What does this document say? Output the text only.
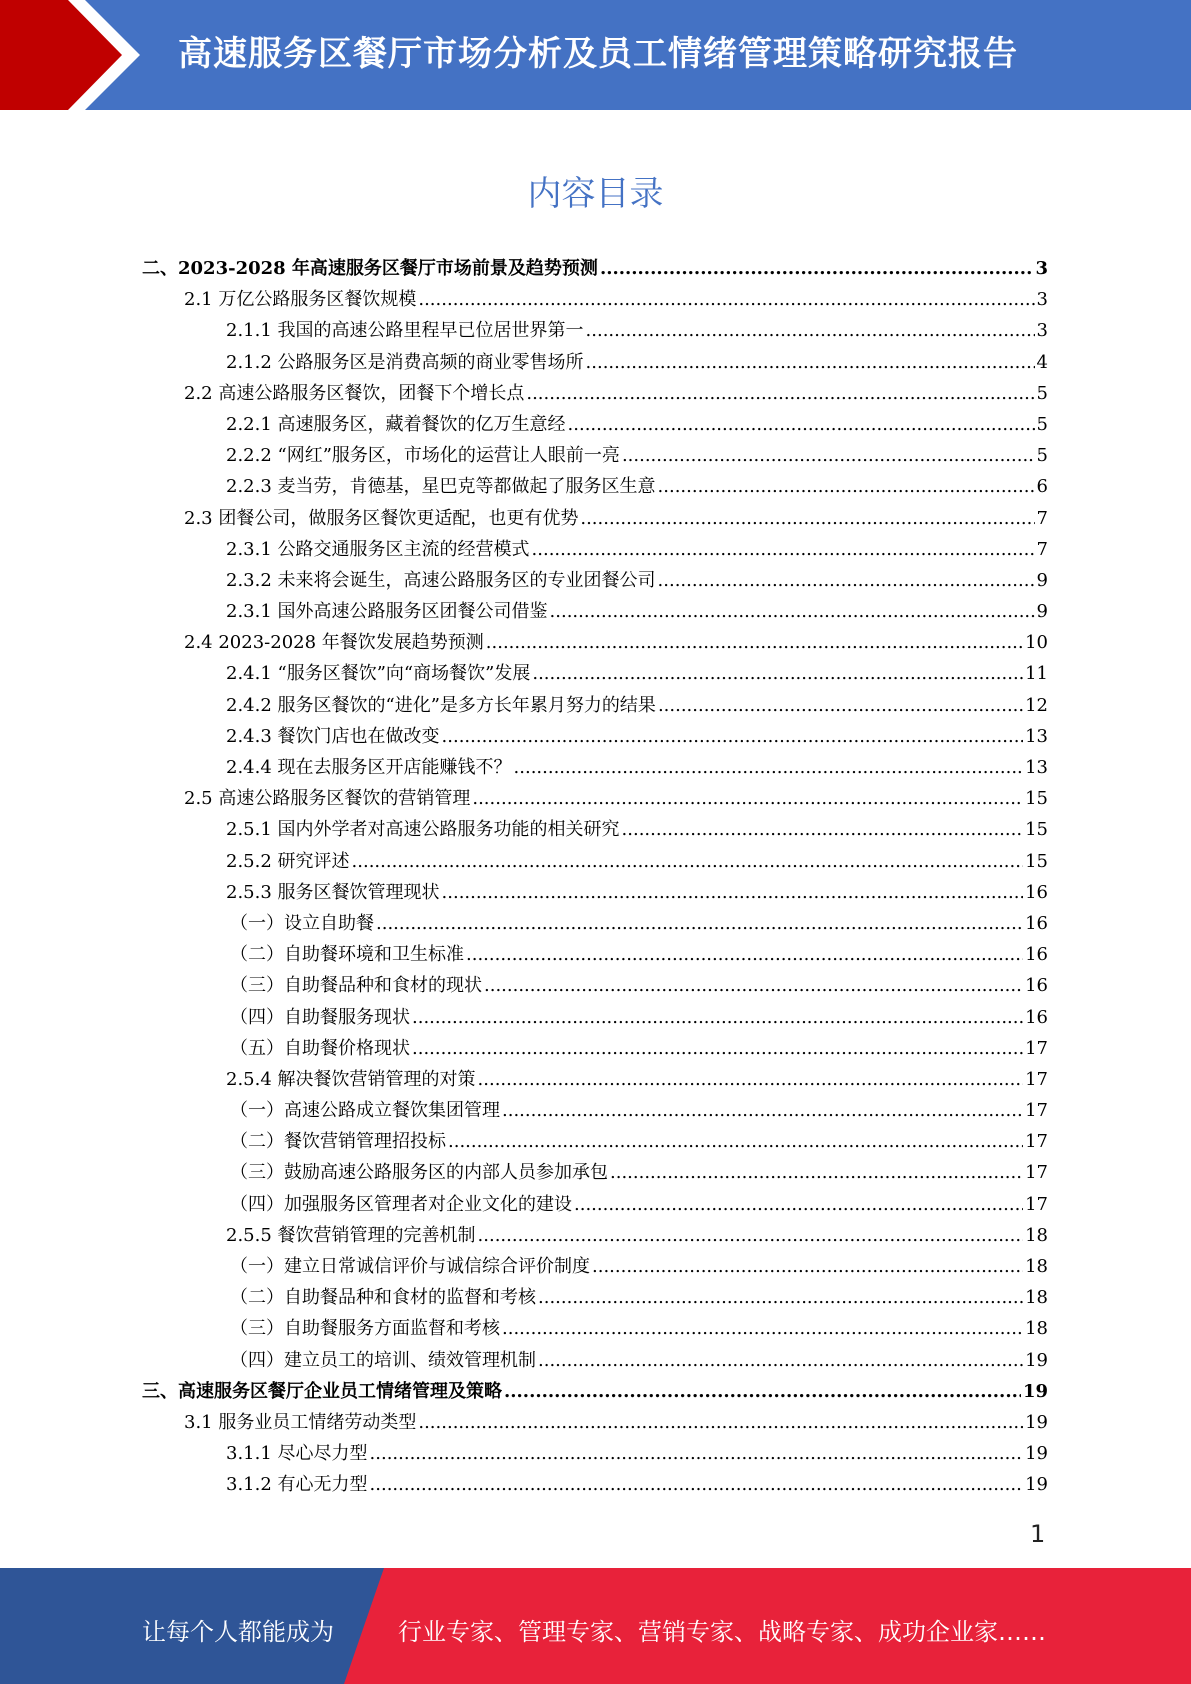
高速服务区餐厅市场分析及员工情绪管理策略研究报告
内容目录
二、2023-2028 年高速服务区餐厅市场前景及趋势预测 .....	3
2.1 万亿公路服务区餐饮规模 .....	3
2.1.1 我国的高速公路里程早已位居世界第一 .....	3
2.1.2 公路服务区是消费高频的商业零售场所 .....	4
2.2 高速公路服务区餐饮，团餐下个增长点 .....	5
2.2.1 高速服务区，藏着餐饮的亿万生意经 .....	5
2.2.2 “网红”服务区，市场化的运营让人眼前一亮 .....	5
2.2.3 麦当劳，肯德基，星巴克等都做起了服务区生意 .....	6
2.3 团餐公司，做服务区餐饮更适配，也更有优势 .....	7
2.3.1 公路交通服务区主流的经营模式 .....	7
2.3.2 未来将会诞生，高速公路服务区的专业团餐公司 .....	9
2.3.1 国外高速公路服务区团餐公司借鉴 .....	9
2.4 2023-2028 年餐饮发展趋势预测 .....	10
2.4.1 “服务区餐饮”向“商场餐饮”发展 .....	11
2.4.2 服务区餐饮的“进化”是多方长年累月努力的结果 .....	12
2.4.3 餐饮门店也在做改变 .....	13
2.4.4 现在去服务区开店能赚钱不？ .....	13
2.5 高速公路服务区餐饮的营销管理 .....	15
2.5.1 国内外学者对高速公路服务功能的相关研究 .....	15
2.5.2 研究评述 .....	15
2.5.3 服务区餐饮管理现状 .....	16
（一）设立自助餐 .....	16
（二）自助餐环境和卫生标准 .....	16
（三）自助餐品种和食材的现状 .....	16
（四）自助餐服务现状 .....	16
（五）自助餐价格现状 .....	17
2.5.4 解决餐饮营销管理的对策 .....	17
（一）高速公路成立餐饮集团管理 .....	17
（二）餐饮营销管理招投标 .....	17
（三）鼓励高速公路服务区的内部人员参加承包 .....	17
（四）加强服务区管理者对企业文化的建设 .....	17
2.5.5 餐饮营销管理的完善机制 .....	18
（一）建立日常诚信评价与诚信综合评价制度 .....	18
（二）自助餐品种和食材的监督和考核 .....	18
（三）自助餐服务方面监督和考核 .....	18
（四）建立员工的培训、绩效管理机制 .....	19
三、高速服务区餐厅企业员工情绪管理及策略 .....	19
3.1 服务业员工情绪劳动类型 .....	19
3.1.1 尽心尽力型 .....	19
3.1.2 有心无力型 .....	19
1
让每个人都能成为	行业专家、管理专家、营销专家、战略专家、成功企业家……
